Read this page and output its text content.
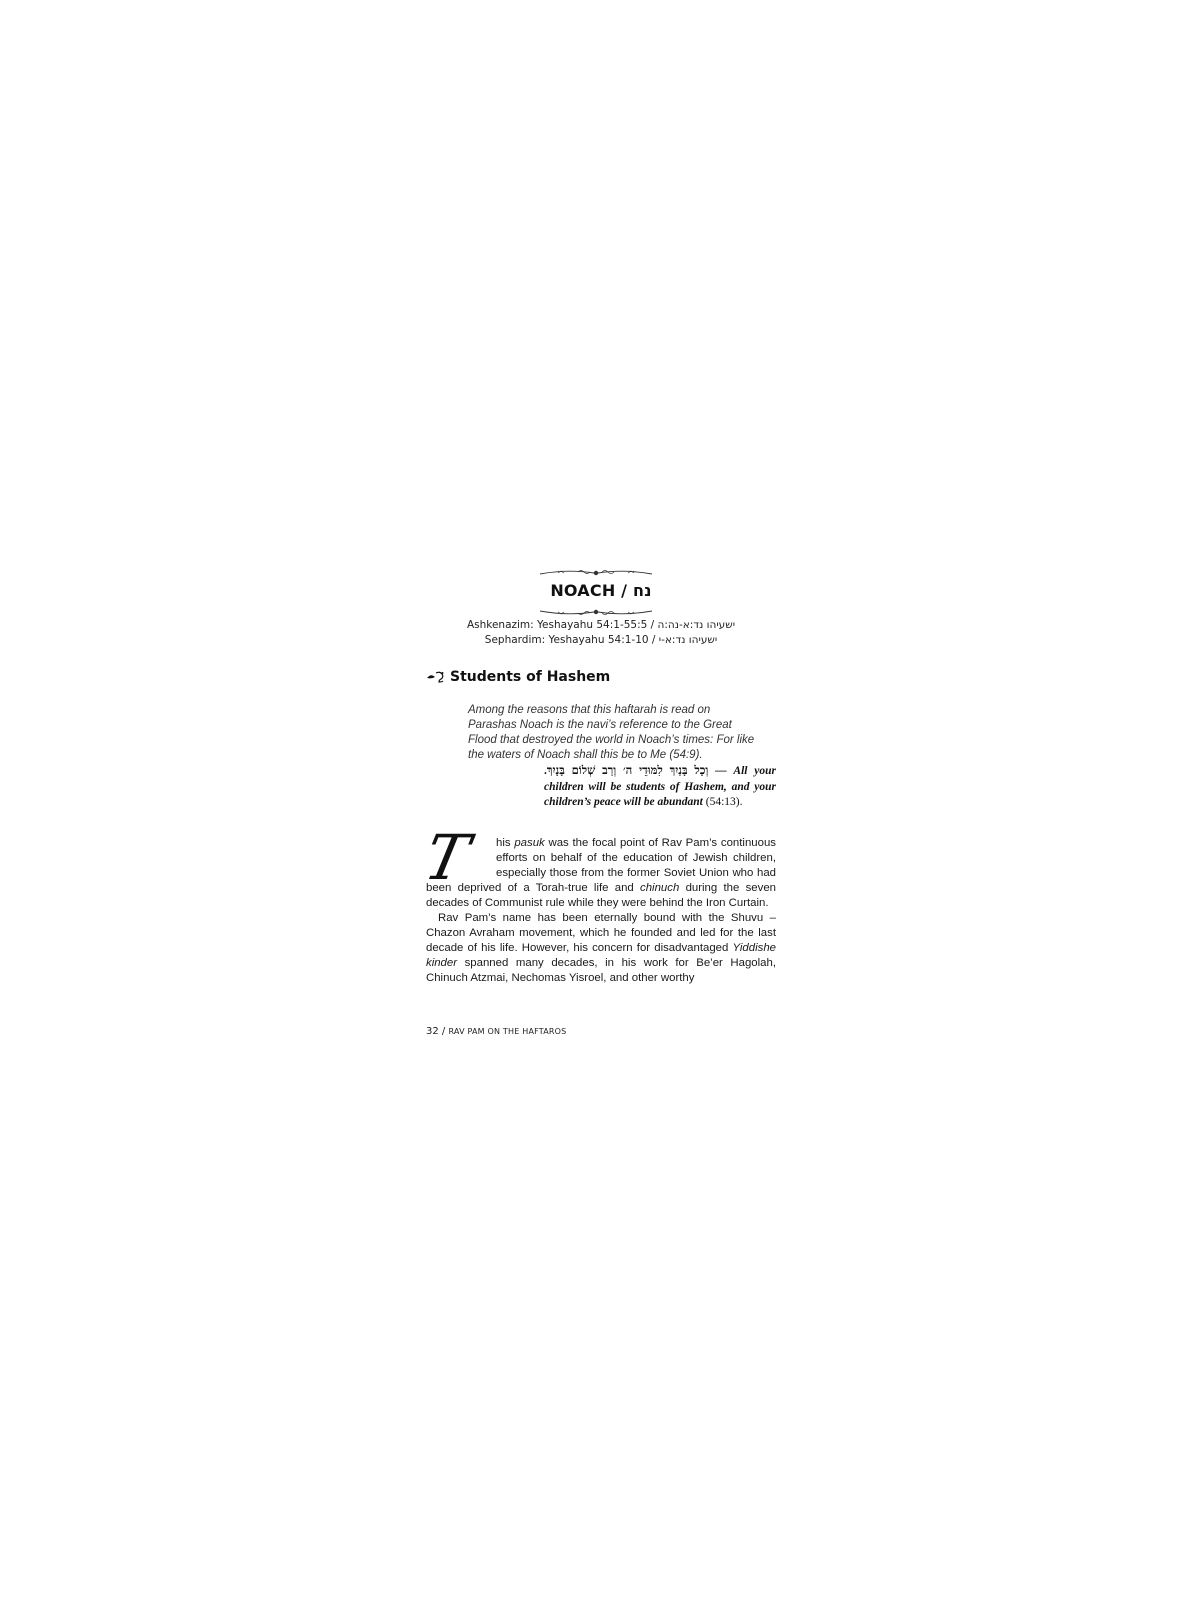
NOACH / נח
Ashkenazim: Yeshayahu 54:1-55:5 / ישעיהו נד:א-נה:ה
Sephardim: Yeshayahu 54:1-10 / ישעיהו נד:א-י
Students of Hashem
Among the reasons that this haftarah is read on Parashas Noach is the navi’s reference to the Great Flood that destroyed the world in Noach’s times: For like the waters of Noach shall this be to Me (54:9).
וְכָל בָּנַיִךְ לִמּוּדֵי ה׳ וְרַב שְׁלוֹם בָּנָיִךְ. — All your children will be students of Hashem, and your children’s peace will be abundant (54:13).

T	his pasuk was the focal point of Rav Pam’s continuous efforts on behalf of the education of Jewish children, especially those from the former Soviet Union who had been deprived of a Torah-true life and chinuch during the seven decades of Communist rule while they were behind the Iron Curtain.

Rav Pam’s name has been eternally bound with the Shuvu – Chazon Avraham movement, which he founded and led for the last decade of his life. However, his concern for disadvantaged Yiddishe kinder spanned many decades, in his work for Be’er Hagolah, Chinuch Atzmai, Nechomas Yisroel, and other worthy

32 / RAV PAM ON THE HAFTAROS
